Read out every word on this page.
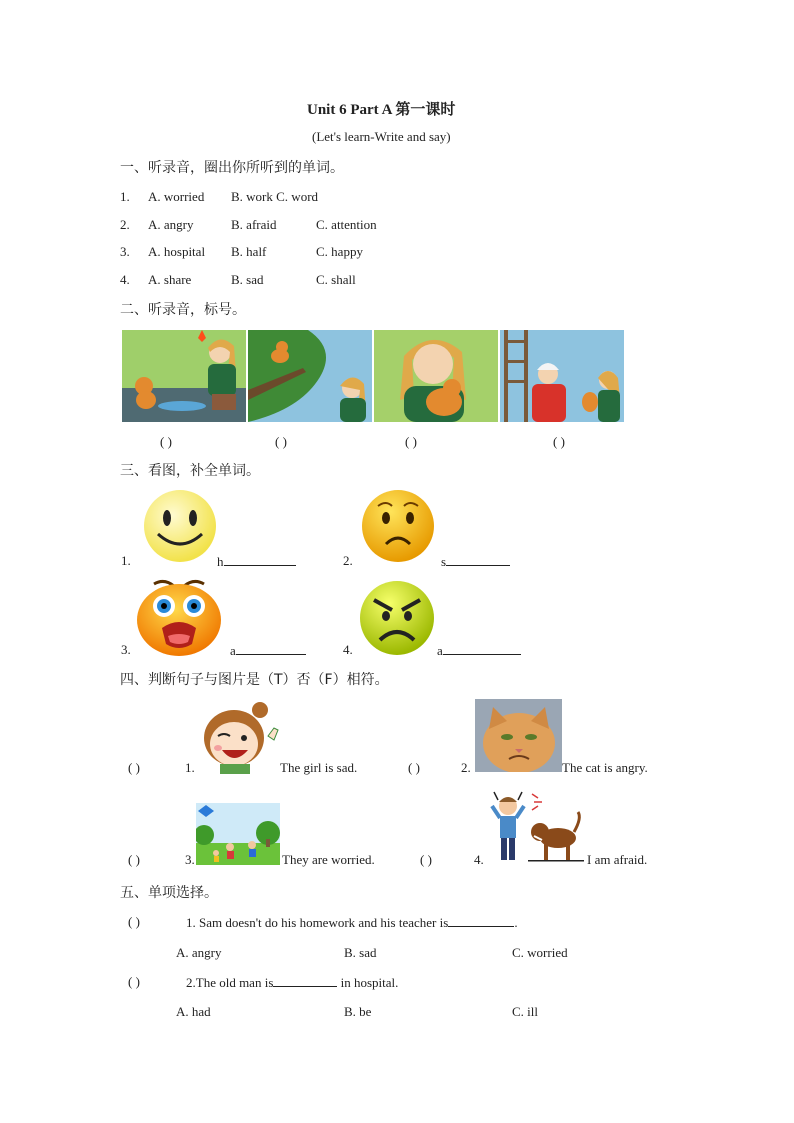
Unit 6 Part A 第一课时
(Let's learn-Write and say)
一、听录音，圈出你所听到的单词。
1. A. worried B. work C. word
2. A. angry	B. afraid	C. attention
3. A. hospital B. half	C. happy
4. A. share	B. sad	C. shall
二、听录音，标号。
( )	( )	( )	( )
三、看图，补全单词。
1.	h	2.	s
3.	a	4.	a
四、判断句子与图片是（T）否（F）相符。
( )	1.	The girl is sad.	( )	2.	The cat is angry.
( )	3.	They are worried.	( )	4.	I am afraid.
五、单项选择。
( )	1. Sam doesn't do his homework and his teacher is	.
A. angry	B. sad	C. worried
( )	2.The old man is	in hospital.
A. had	B. be	C. ill
